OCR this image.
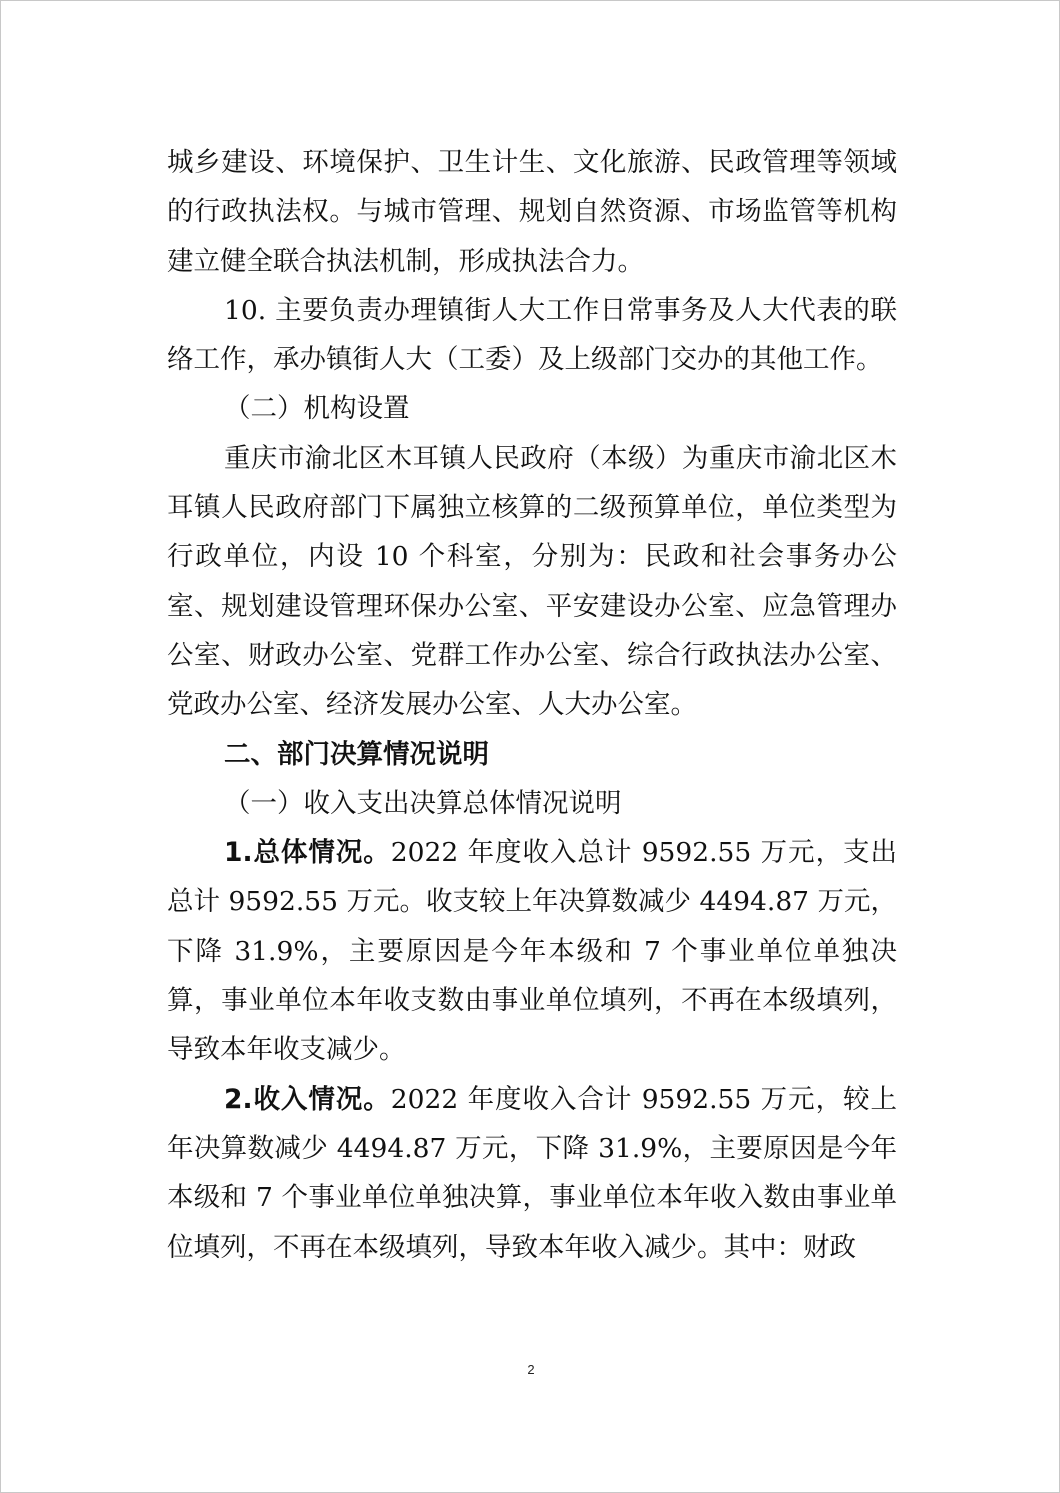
城乡建设、环境保护、卫生计生、文化旅游、民政管理等领域的行政执法权。与城市管理、规划自然资源、市场监管等机构建立健全联合执法机制，形成执法合力。

10. 主要负责办理镇街人大工作日常事务及人大代表的联络工作，承办镇街人大（工委）及上级部门交办的其他工作。

（二）机构设置

重庆市渝北区木耳镇人民政府（本级）为重庆市渝北区木耳镇人民政府部门下属独立核算的二级预算单位，单位类型为行政单位，内设 10 个科室，分别为：民政和社会事务办公室、规划建设管理环保办公室、平安建设办公室、应急管理办公室、财政办公室、党群工作办公室、综合行政执法办公室、党政办公室、经济发展办公室、人大办公室。

二、部门决算情况说明

（一）收入支出决算总体情况说明

1.总体情况。2022 年度收入总计 9592.55 万元，支出总计 9592.55 万元。收支较上年决算数减少 4494.87 万元，下降 31.9%，主要原因是今年本级和 7 个事业单位单独决算，事业单位本年收支数由事业单位填列，不再在本级填列，导致本年收支减少。

2.收入情况。2022 年度收入合计 9592.55 万元，较上年决算数减少 4494.87 万元，下降 31.9%，主要原因是今年本级和 7 个事业单位单独决算，事业单位本年收入数由事业单位填列，不再在本级填列，导致本年收入减少。其中：财政

2
